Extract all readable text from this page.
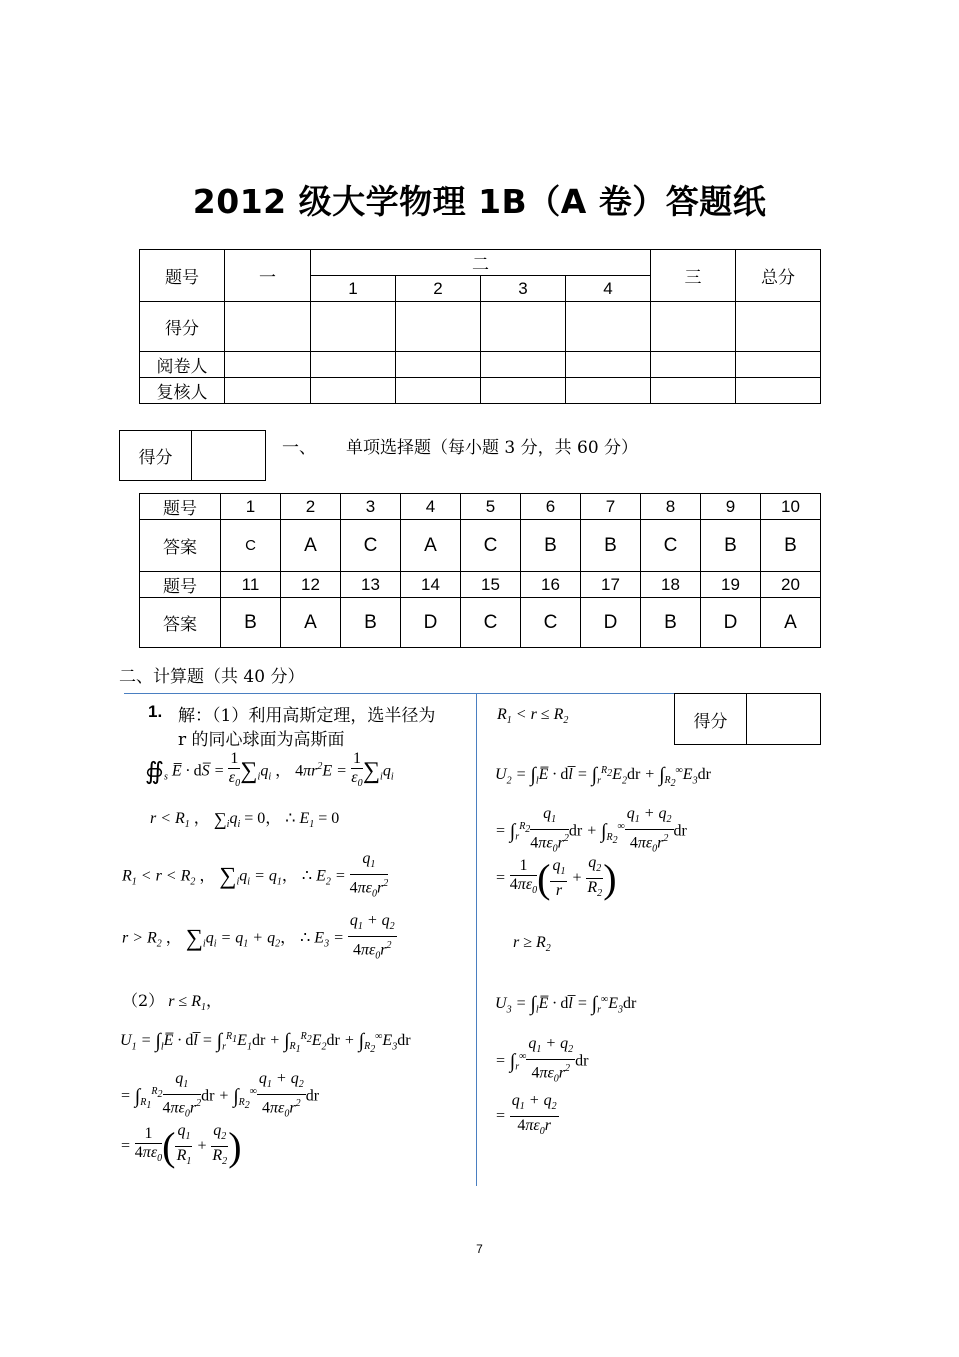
2012 级大学物理 1B（A 卷）答题纸
题号	一	二				三	总分
		1	2	3	4		
得分							
阅卷人							
复核人							
得分		一、 单项选择题（每小题 3 分，共 60 分）
题号	1	2	3	4	5	6	7	8	9	10
答案	C	A	C	A	C	B	B	C	B	B
题号	11	12	13	14	15	16	17	18	19	20
答案	B	A	B	D	C	C	D	B	D	A
二、计算题（共 40 分）
得分	
1. 解：（1）利用高斯定理，选半径为
r 的同心球面为高斯面
$∯_s$ E̅ · dS̅ = $\frac{1}{\varepsilon_0} \sum_iq_i$ ， $4\pi r^2E = \frac{1}{\varepsilon_0} \sum_iq_i$
$r < R_1$ ， $\sum_iq_i = 0$， ∴ $E_1 = 0$
$R_1 < r < R_2$ ， $\sum_iq_i = q_1$， ∴ $E_2 = \frac{q_1}{4\pi\varepsilon_0r^2}$
$r > R_2$ ， $\sum_iq_i = q_1 + q_2$， ∴ $E_3 = \frac{q_1 + q_2}{4\pi\varepsilon_0r^2}$
（2） $r \le R_1$，
$U_1$ = $\int_lE̅$ · dl̅ = $\int_r^{R_1}E_1dr + \int_{R_1}^{R_2}E_2dr + \int_{R_2}^\infty E_3dr$
= $\int_{R_1}^{R_2} \frac{q_1}{4\pi\varepsilon_0r^2}$ dr + $\int_{R_2}^\infty \frac{q_1 + q_2}{4\pi\varepsilon_0r^2}$ dr
= $\frac{1}{4\pi\varepsilon_0}$ ( $\frac{q_1}{R_1} + \frac{q_2}{R_2}$ )
$R_1 < r \le R_2$
$U_2$ = $\int_lE̅$ · dl̅ = $\int_r^{R_2}E_2dr + \int_{R_2}^\infty E_3dr$
= $\int_r^{R_2} \frac{q_1}{4\pi\varepsilon_0r^2}$ dr + $\int_{R_2}^\infty \frac{q_1 + q_2}{4\pi\varepsilon_0r^2}$ dr
= $\frac{1}{4\pi\varepsilon_0}$ ( $\frac{q_1}{r} + \frac{q_2}{R_2}$ )
$r \ge R_2$
$U_3$ = $\int_lE̅$ · dl̅ = $\int_r^\infty E_3dr$
= $\int_r^\infty \frac{q_1 + q_2}{4\pi\varepsilon_0r^2}$ dr
= $\frac{q_1 + q_2}{4\pi\varepsilon_0r}$
7
